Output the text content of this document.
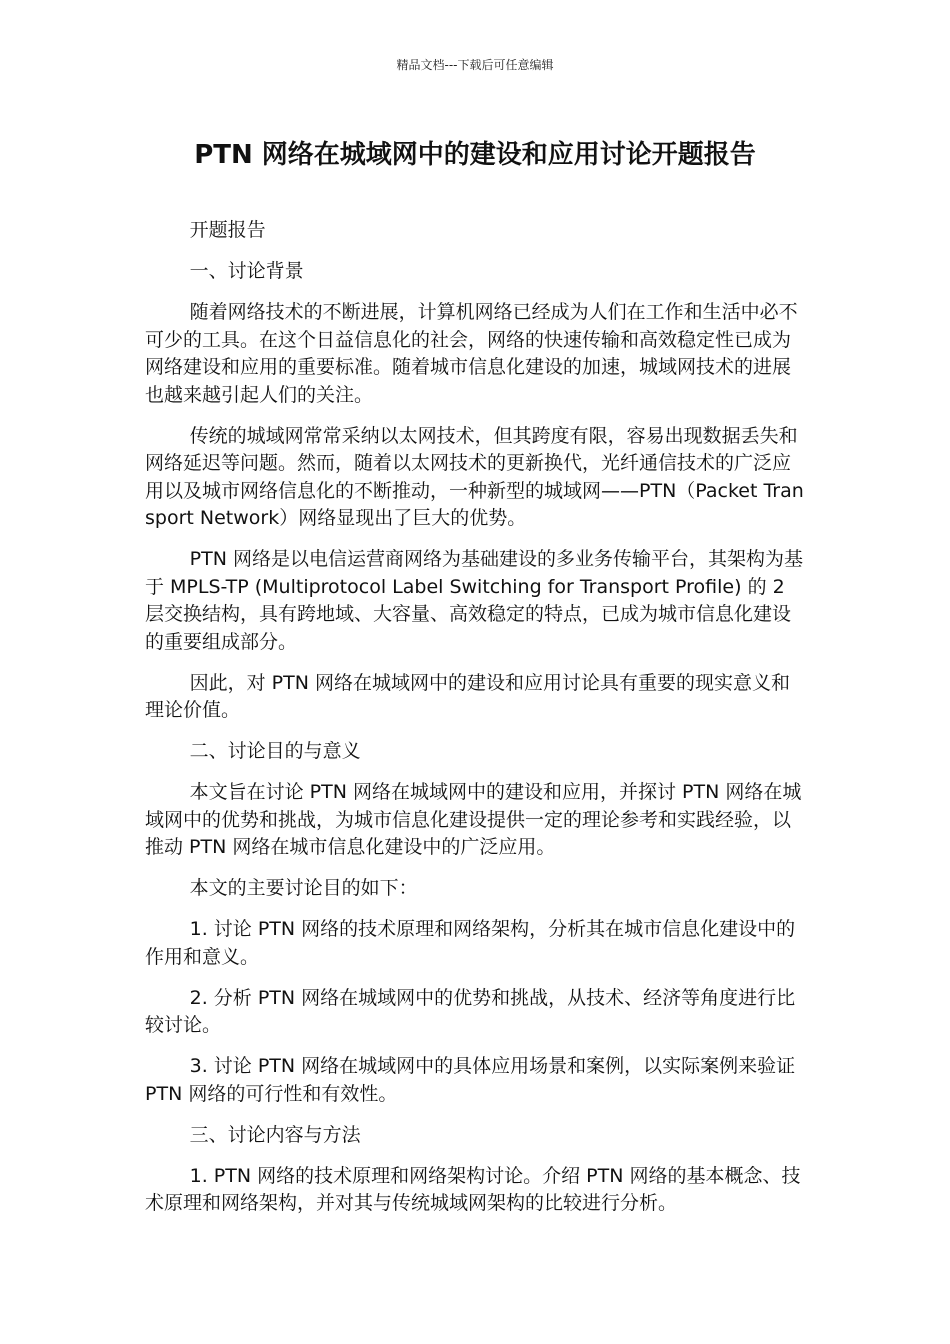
精品文档---下载后可任意编辑
PTN 网络在城域网中的建设和应用讨论开题报告

开题报告

一、讨论背景

随着网络技术的不断进展，计算机网络已经成为人们在工作和生活中必不可少的工具。在这个日益信息化的社会，网络的快速传输和高效稳定性已成为网络建设和应用的重要标准。随着城市信息化建设的加速，城域网技术的进展也越来越引起人们的关注。

传统的城域网常常采纳以太网技术，但其跨度有限，容易出现数据丢失和网络延迟等问题。然而，随着以太网技术的更新换代，光纤通信技术的广泛应用以及城市网络信息化的不断推动，一种新型的城域网——PTN（Packet Transport Network）网络显现出了巨大的优势。

PTN 网络是以电信运营商网络为基础建设的多业务传输平台，其架构为基于 MPLS-TP (Multiprotocol Label Switching for Transport Profile) 的 2 层交换结构，具有跨地域、大容量、高效稳定的特点，已成为城市信息化建设的重要组成部分。

因此，对 PTN 网络在城域网中的建设和应用讨论具有重要的现实意义和理论价值。

二、讨论目的与意义

本文旨在讨论 PTN 网络在城域网中的建设和应用，并探讨 PTN 网络在城域网中的优势和挑战，为城市信息化建设提供一定的理论参考和实践经验，以推动 PTN 网络在城市信息化建设中的广泛应用。

本文的主要讨论目的如下：

1. 讨论 PTN 网络的技术原理和网络架构，分析其在城市信息化建设中的作用和意义。

2. 分析 PTN 网络在城域网中的优势和挑战，从技术、经济等角度进行比较讨论。

3. 讨论 PTN 网络在城域网中的具体应用场景和案例，以实际案例来验证 PTN 网络的可行性和有效性。

三、讨论内容与方法

1. PTN 网络的技术原理和网络架构讨论。介绍 PTN 网络的基本概念、技术原理和网络架构，并对其与传统城域网架构的比较进行分析。
